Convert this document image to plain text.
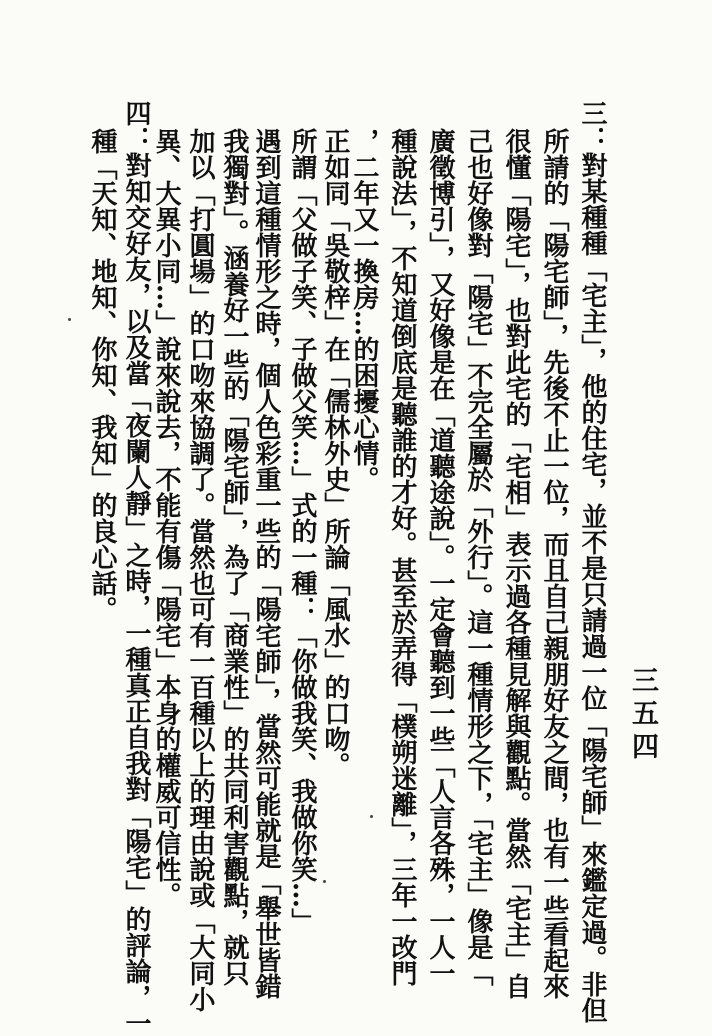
三五四
三：對某種種「宅主」，他的住宅，並不是只請過一位「陽宅師」來鑑定過。非但
所請的「陽宅師」，先後不止一位，而且自己親朋好友之間，也有一些看起來
很懂「陽宅」，也對此宅的「宅相」表示過各種見解與觀點。當然「宅主」自
己也好像對「陽宅」不完全屬於「外行」。這一種情形之下，「宅主」像是「
廣徵博引」，又好像是在「道聽途說」。一定會聽到一些「人言各殊，一人一
種說法」，不知道倒底是聽誰的才好。甚至於弄得「樸朔迷離」，三年一改門
，二年又一換房…的困擾心情。
正如同「吳敬梓」在「儒林外史」所論「風水」的口吻。
所謂「父做子笑、子做父笑…」式的一種：「你做我笑、我做你笑…」
遇到這種情形之時，個人色彩重一些的「陽宅師」，當然可能就是「舉世皆錯
我獨對」。涵養好一些的「陽宅師」，為了「商業性」的共同利害觀點，就只
加以「打圓場」的口吻來協調了。當然也可有一百種以上的理由說或「大同小
異、大異小同…」說來說去，不能有傷「陽宅」本身的權威可信性。
四：對知交好友，以及當「夜闌人靜」之時，一種真正自我對「陽宅」的評論，一
種「天知、地知、你知、我知」的良心話。
